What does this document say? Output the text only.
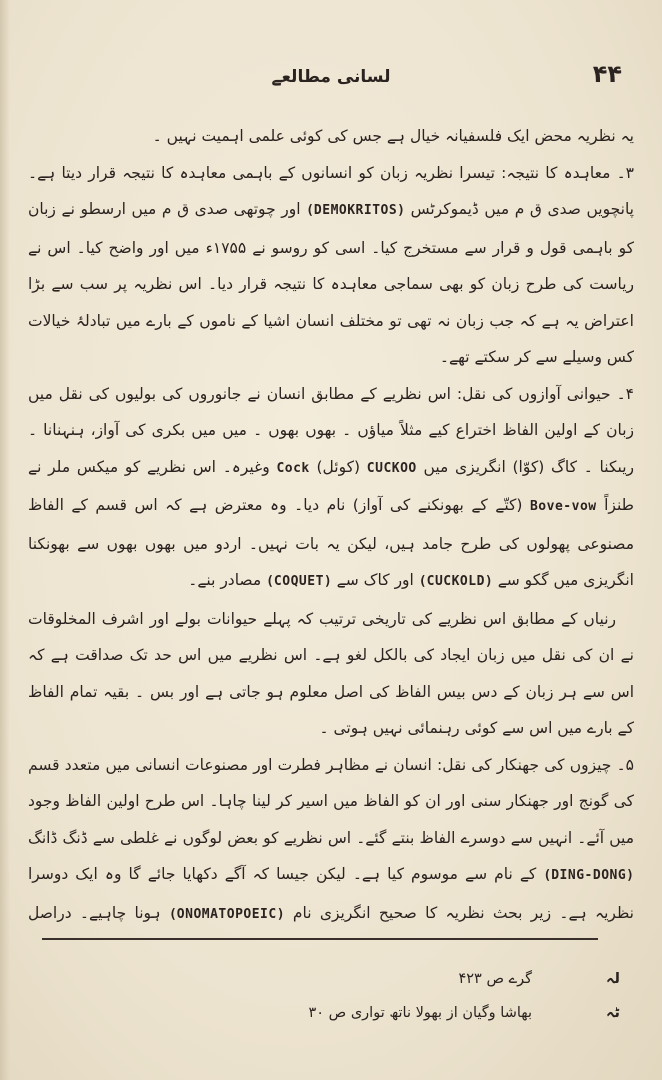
۴۴
لسانی مطالعے

یہ نظریہ محض ایک فلسفیانہ خیال ہے جس کی کوئی علمی اہمیت نہیں ۔

۳۔ معاہدہ کا نتیجہ: تیسرا نظریہ زبان کو انسانوں کے باہمی معاہدہ کا نتیجہ قرار دیتا ہے۔ پانچویں صدی ق م میں ڈیموکرٹس (DEMOKRITOS) اور چوتھی صدی ق م میں ارسطو نے زبان کو باہمی قول و قرار سے مستخرج کیا۔ اسی کو روسو نے ۱۷۵۵ء میں اور واضح کیا۔ اس نے ریاست کی طرح زبان کو بھی سماجی معاہدہ کا نتیجہ قرار دیا۔ اس نظریہ پر سب سے بڑا اعتراض یہ ہے کہ جب زبان نہ تھی تو مختلف انسان اشیا کے ناموں کے بارے میں تبادلۂ خیالات کس وسیلے سے کر سکتے تھے۔

۴۔ حیوانی آوازوں کی نقل: اس نظریے کے مطابق انسان نے جانوروں کی بولیوں کی نقل میں زبان کے اولین الفاظ اختراع کیے مثلاً میاؤں ۔ بھوں بھوں ۔ میں میں بکری کی آواز، ہنہنانا ۔ ریںکنا ۔ کاگ (کوّا) انگریزی میں CUCKOO (کوئل) Cock وغیرہ۔ اس نظریے کو میکس ملر نے طنزاً Bove-vow (کتّے کے بھونکنے کی آواز) نام دیا۔ وہ معترض ہے کہ اس قسم کے الفاظ مصنوعی پھولوں کی طرح جامد ہیں، لیکن یہ بات نہیں۔ اردو میں بھوں بھوں سے بھونکنا انگریزی میں گکو سے (CUCKOLD) اور کاک سے (COQUET) مصادر بنے۔

رنیاں کے مطابق اس نظریے کی تاریخی ترتیب کہ پہلے حیوانات بولے اور اشرف المخلوقات نے ان کی نقل میں زبان ایجاد کی بالکل لغو ہے۔ اس نظریے میں اس حد تک صداقت ہے کہ اس سے ہر زبان کے دس بیس الفاظ کی اصل معلوم ہو جاتی ہے اور بس ۔ بقیہ تمام الفاظ کے بارے میں اس سے کوئی رہنمائی نہیں ہوتی ۔

۵۔ چیزوں کی جھنکار کی نقل: انسان نے مظاہر فطرت اور مصنوعات انسانی میں متعدد قسم کی گونج اور جھنکار سنی اور ان کو الفاظ میں اسیر کر لینا چاہا۔ اس طرح اولین الفاظ وجود میں آئے۔ انہیں سے دوسرے الفاظ بنتے گئے۔ اس نظریے کو بعض لوگوں نے غلطی سے ڈنگ ڈانگ (DING-DONG) کے نام سے موسوم کیا ہے۔ لیکن جیسا کہ آگے دکھایا جائے گا وہ ایک دوسرا نظریہ ہے۔ زیر بحث نظریہ کا صحیح انگریزی نام (ONOMATOPOEIC) ہونا چاہیے۔ دراصل

لہ
گرے ص ۴۲۳
ٹہ
بھاشا وگیان از بھولا ناتھ تواری ص ۳۰
